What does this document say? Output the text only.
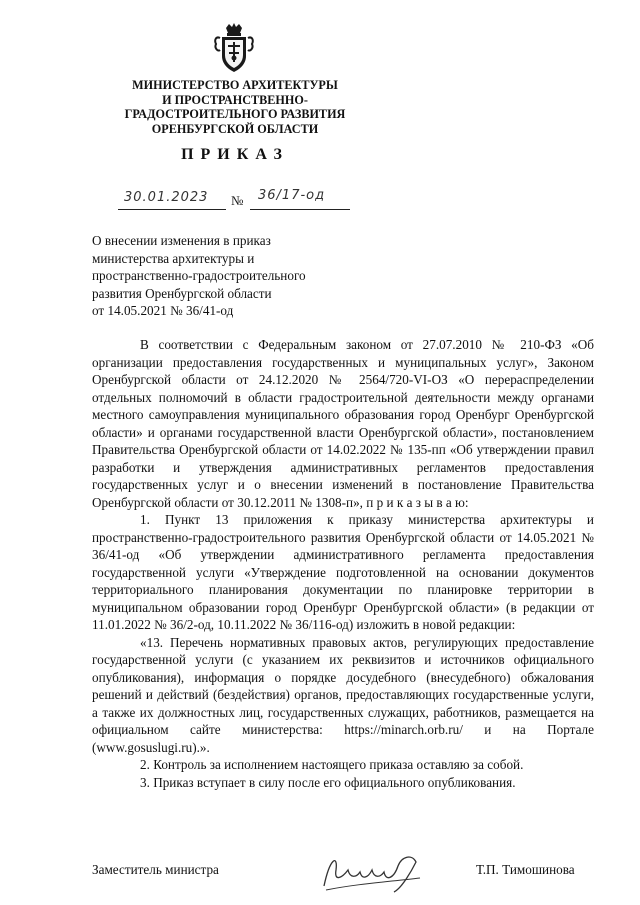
МИНИСТЕРСТВО АРХИТЕКТУРЫ
И ПРОСТРАНСТВЕННО-
ГРАДОСТРОИТЕЛЬНОГО РАЗВИТИЯ
ОРЕНБУРГСКОЙ ОБЛАСТИ
ПРИКАЗ
30.01.2023	№ 36/17-од
О внесении изменения в приказ
министерства архитектуры и
пространственно-градостроительного
развития Оренбургской области
от 14.05.2021 № 36/41-од

В соответствии с Федеральным законом от 27.07.2010 № 210-ФЗ «Об организации предоставления государственных и муниципальных услуг», Законом Оренбургской области от 24.12.2020 № 2564/720-VI-ОЗ «О перераспределении отдельных полномочий в области градостроительной деятельности между органами местного самоуправления муниципального образования город Оренбург Оренбургской области» и органами государственной власти Оренбургской области», постановлением Правительства Оренбургской области от 14.02.2022 № 135-пп «Об утверждении правил разработки и утверждения административных регламентов предоставления государственных услуг и о внесении изменений в постановление Правительства Оренбургской области от 30.12.2011 № 1308-п», п р и к а з ы в а ю:

1. Пункт 13 приложения к приказу министерства архитектуры и пространственно-градостроительного развития Оренбургской области от 14.05.2021 № 36/41-од «Об утверждении административного регламента предоставления государственной услуги «Утверждение подготовленной на основании документов территориального планирования документации по планировке территории в муниципальном образовании город Оренбург Оренбургской области» (в редакции от 11.01.2022 № 36/2-од, 10.11.2022 № 36/116-од) изложить в новой редакции:

«13. Перечень нормативных правовых актов, регулирующих предоставление государственной услуги (с указанием их реквизитов и источников официального опубликования), информация о порядке досудебного (внесудебного) обжалования решений и действий (бездействия) органов, предоставляющих государственные услуги, а также их должностных лиц, государственных служащих, работников, размещается на официальном сайте министерства: https://minarch.orb.ru/ и на Портале (www.gosuslugi.ru).».

2. Контроль за исполнением настоящего приказа оставляю за собой.

3. Приказ вступает в силу после его официального опубликования.

Заместитель министра	Т.П. Тимошинова
